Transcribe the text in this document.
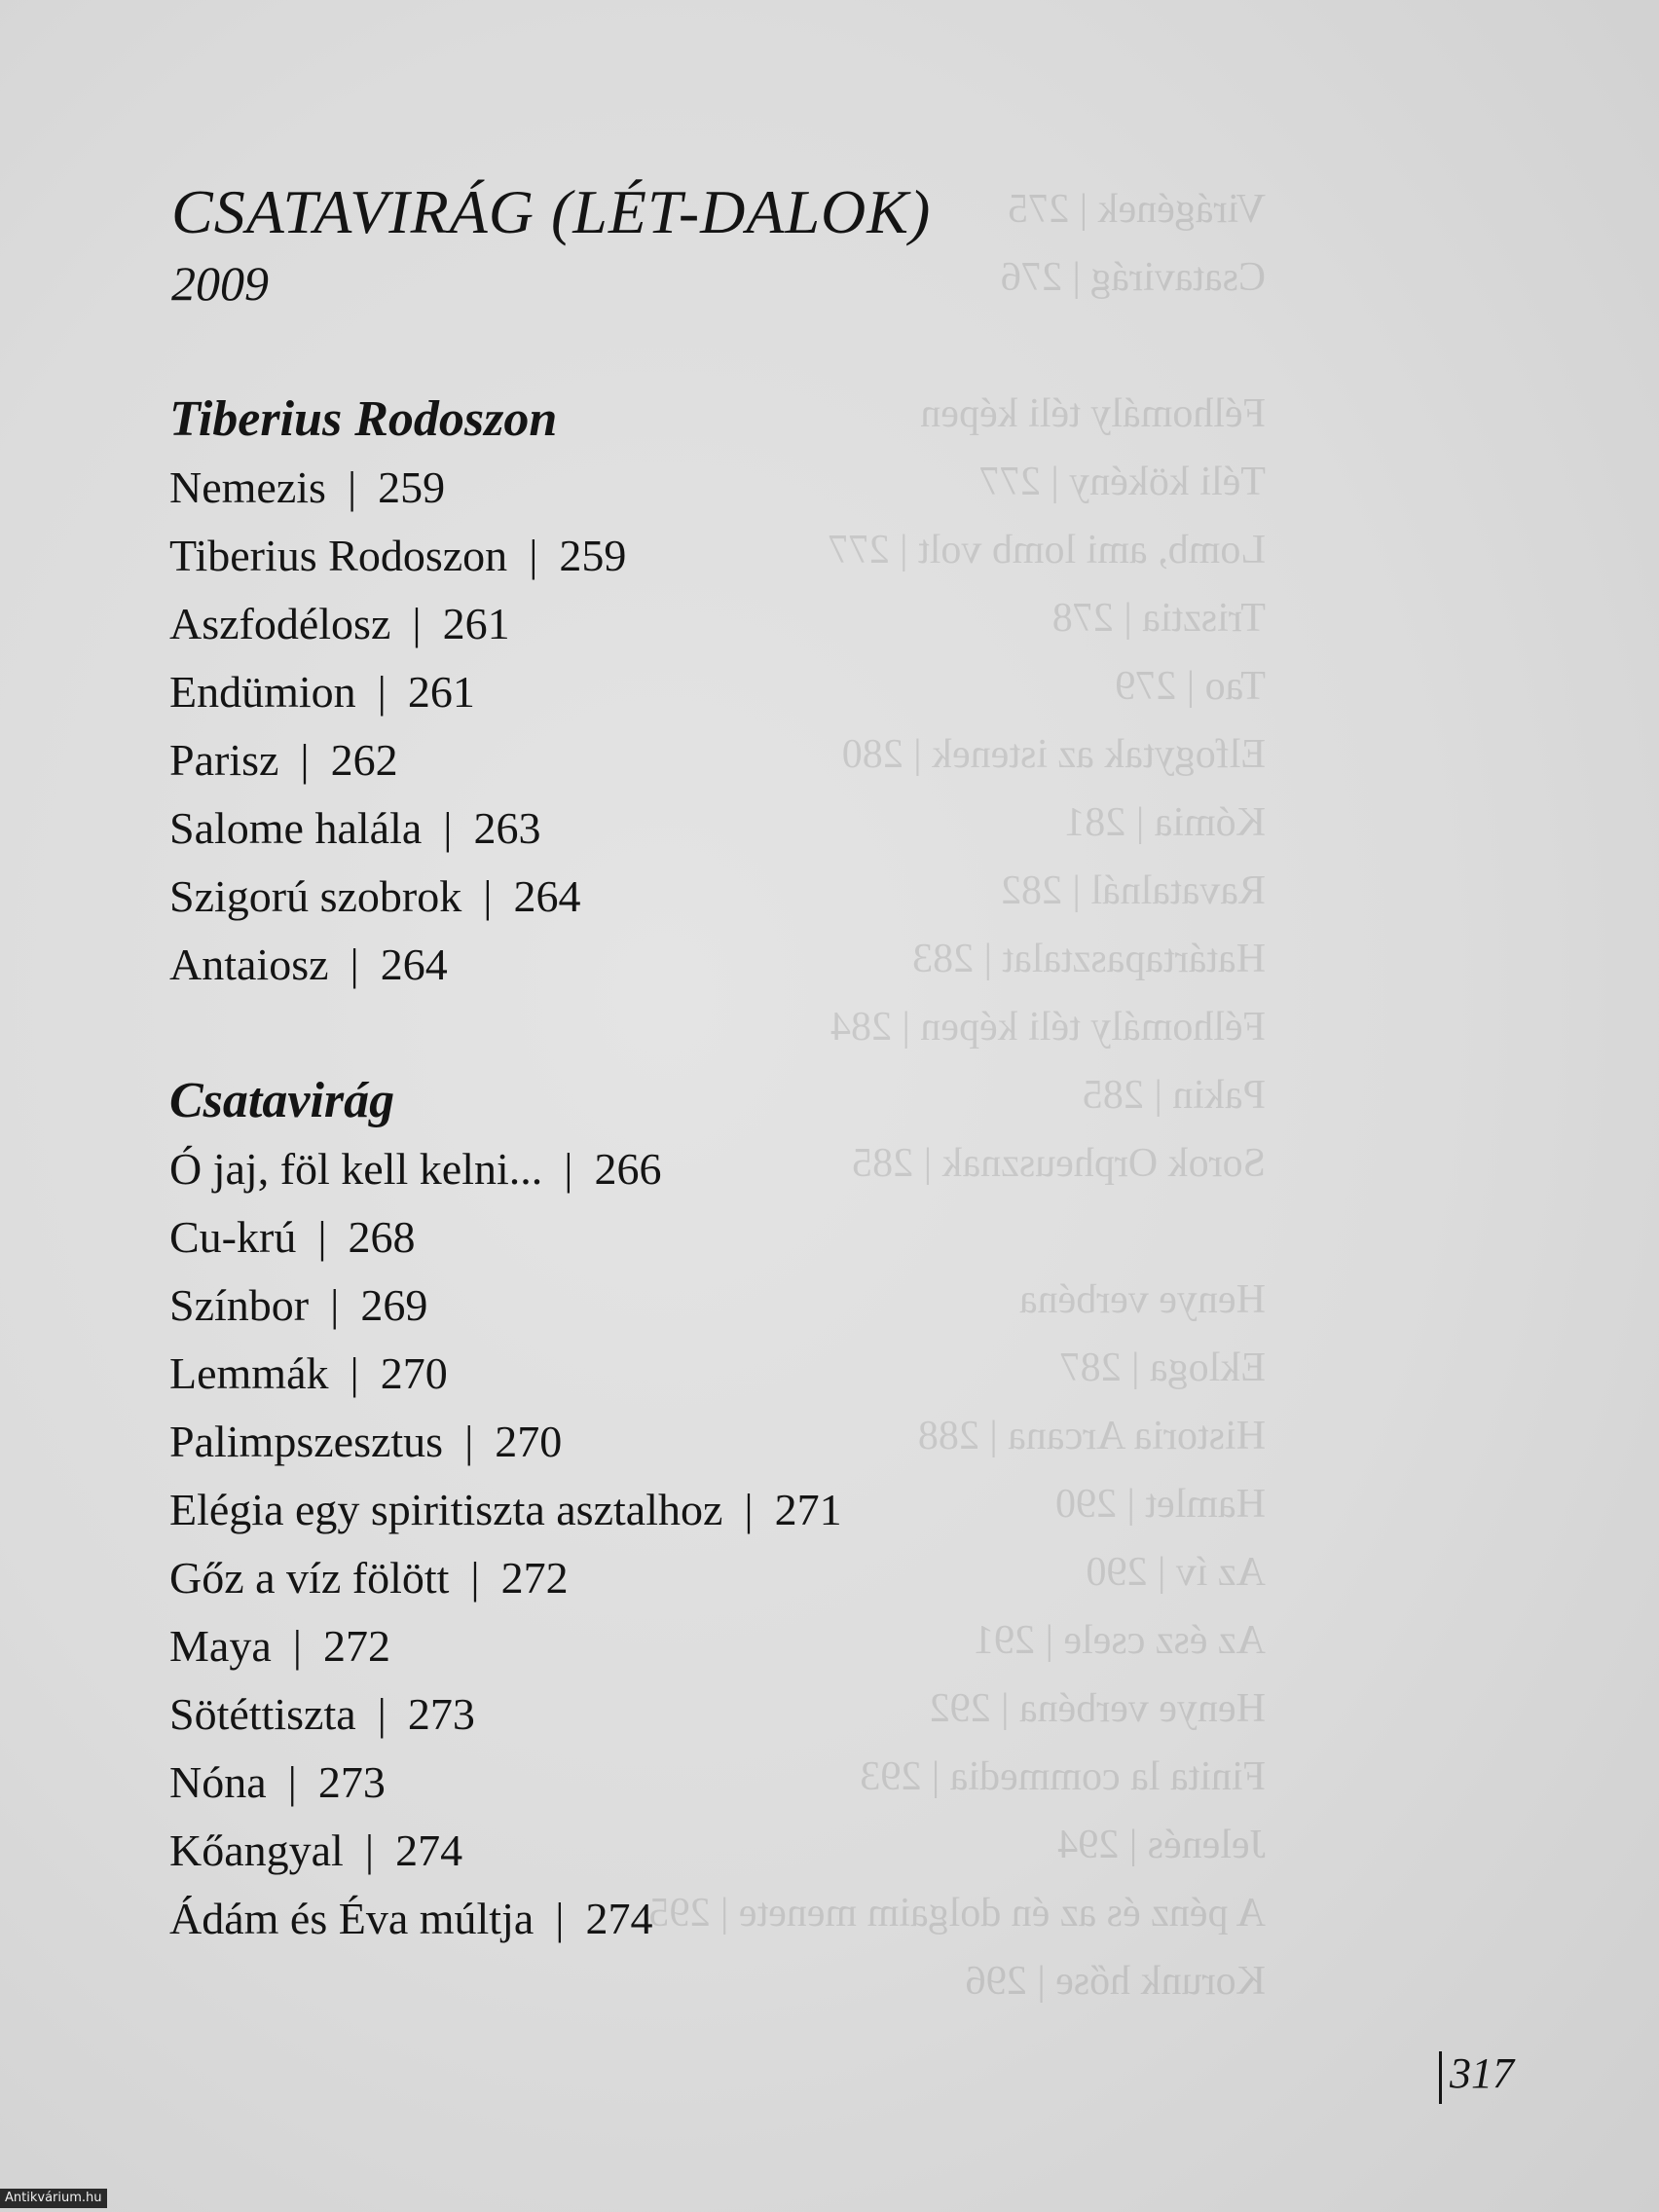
Virágének | 275
Csatavirág | 276
Félhomály téli képen
Téli kökény | 277
Lomb, ami lomb volt | 277
Trisztia | 278
Tao | 279
Elfogytak az istenek | 280
Kómia | 281
Ravatalnál | 282
Határtapasztalat | 283
Félhomály téli képen | 284
Pakin | 285
Sorok Orpheusznak | 285
Henye verbéna
Ekloga | 287
Historia Arcana | 288
Hamlet | 290
Az ív | 290
Az ész csele | 291
Henye verbéna | 292
Finita la commedia | 293
Jelenés | 294
A pénz és az én dolgaim menete | 295
Korunk hőse | 296
CSATAVIRÁG (LÉT-DALOK)
2009
Tiberius Rodoszon
Nemezis | 259
Tiberius Rodoszon | 259
Aszfodélosz | 261
Endümion | 261
Parisz | 262
Salome halála | 263
Szigorú szobrok | 264
Antaiosz | 264
Csatavirág
Ó jaj, föl kell kelni... | 266
Cu-krú | 268
Színbor | 269
Lemmák | 270
Palimpszesztus | 270
Elégia egy spiritiszta asztalhoz | 271
Gőz a víz fölött | 272
Maya | 272
Sötéttiszta | 273
Nóna | 273
Kőangyal | 274
Ádám és Éva múltja | 274
317
Antikvárium.hu
